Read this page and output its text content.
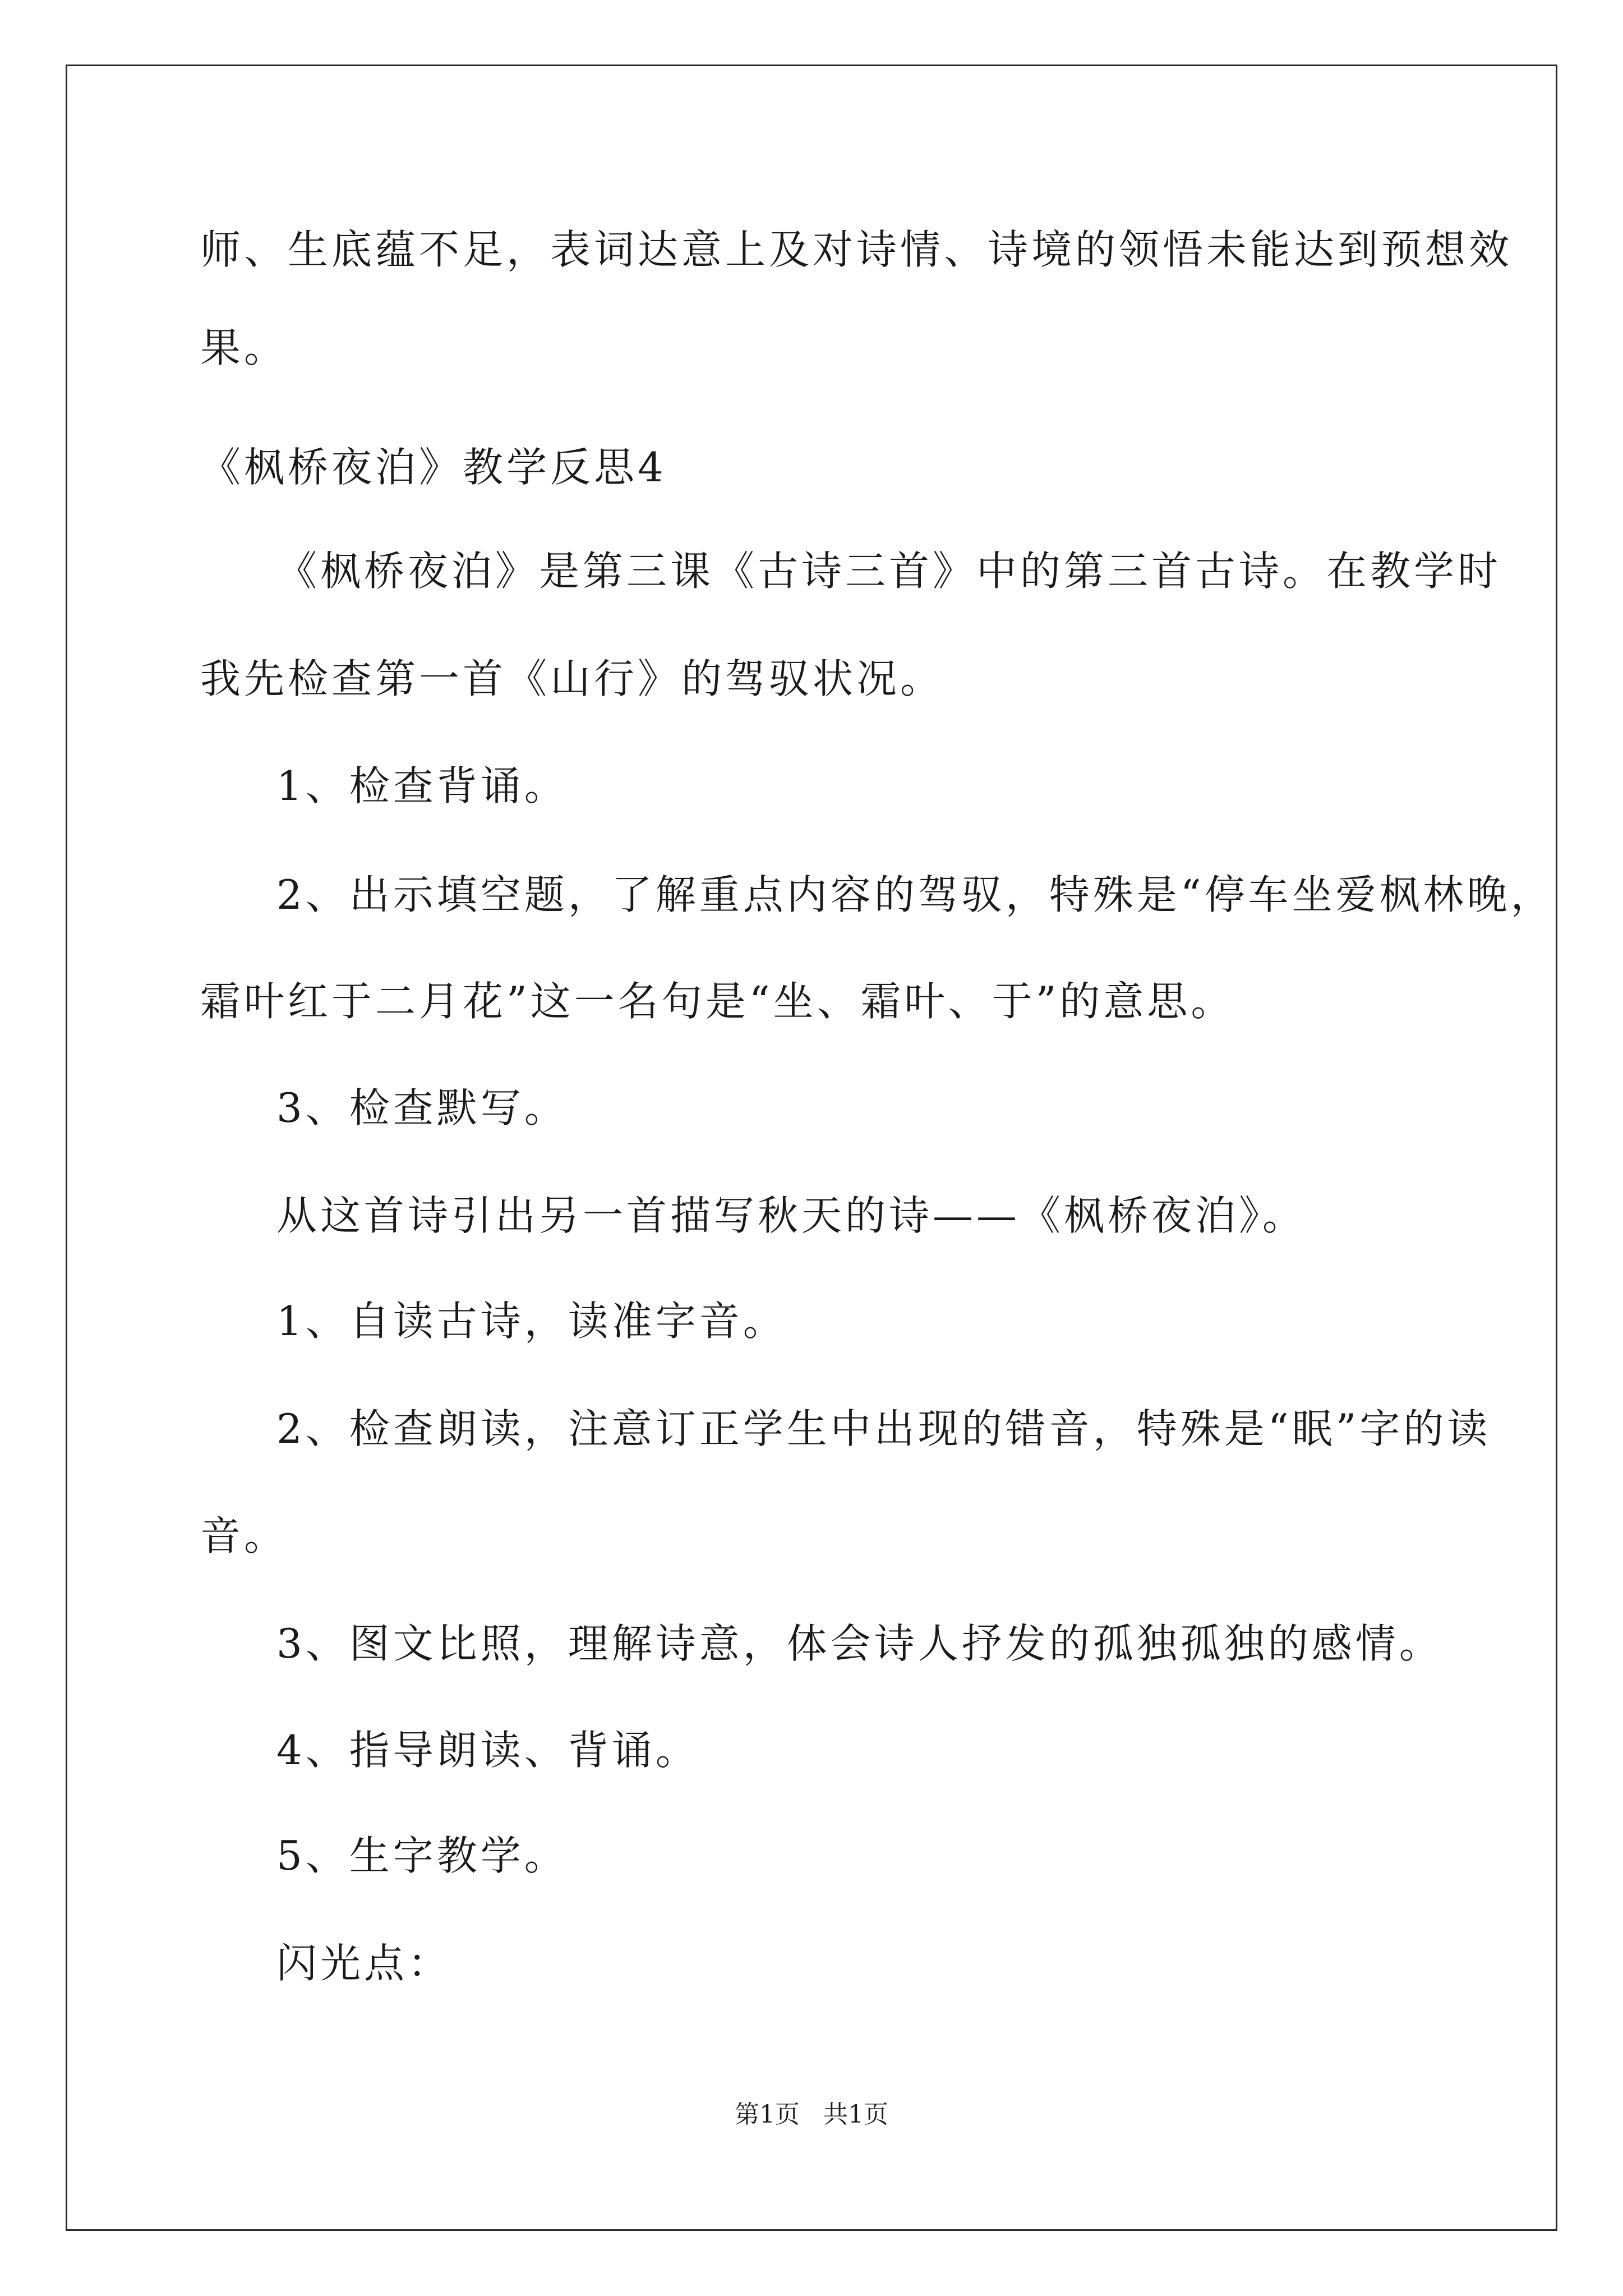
师、生底蕴不足，表词达意上及对诗情、诗境的领悟未能达到预想效
果。
《枫桥夜泊》教学反思4
《枫桥夜泊》是第三课《古诗三首》中的第三首古诗。在教学时
我先检查第一首《山行》的驾驭状况。
1、检查背诵。
2、出示填空题，了解重点内容的驾驭，特殊是“停车坐爱枫林晚，
霜叶红于二月花”这一名句是“坐、霜叶、于”的意思。
3、检查默写。
从这首诗引出另一首描写秋天的诗——《枫桥夜泊》。
1、自读古诗，读准字音。
2、检查朗读，注意订正学生中出现的错音，特殊是“眠”字的读
音。
3、图文比照，理解诗意，体会诗人抒发的孤独孤独的感情。
4、指导朗读、背诵。
5、生字教学。
闪光点：
第1页   共1页
